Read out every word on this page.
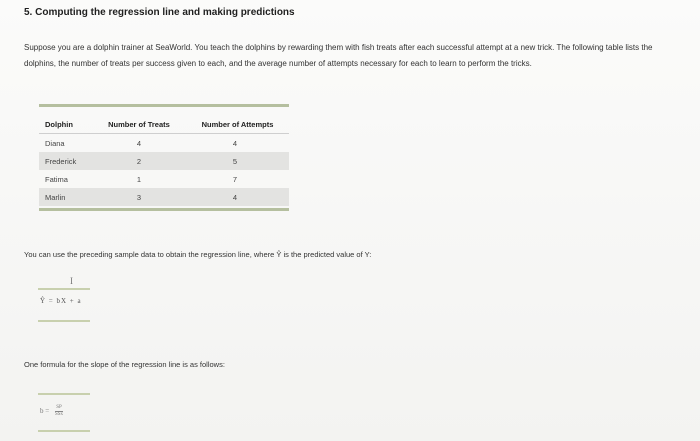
5. Computing the regression line and making predictions
Suppose you are a dolphin trainer at SeaWorld. You teach the dolphins by rewarding them with fish treats after each successful attempt at a new trick. The following table lists the dolphins, the number of treats per success given to each, and the average number of attempts necessary for each to learn to perform the tricks.
Dolphin	Number of Treats	Number of Attempts
Diana	4	4
Frederick	2	5
Fatima	1	7
Marlin	3	4
You can use the preceding sample data to obtain the regression line, where Ŷ is the predicted value of Y:
I
Ŷ = bX + a
One formula for the slope of the regression line is as follows:
$b = \frac{SP}{\text{SSx}}$
